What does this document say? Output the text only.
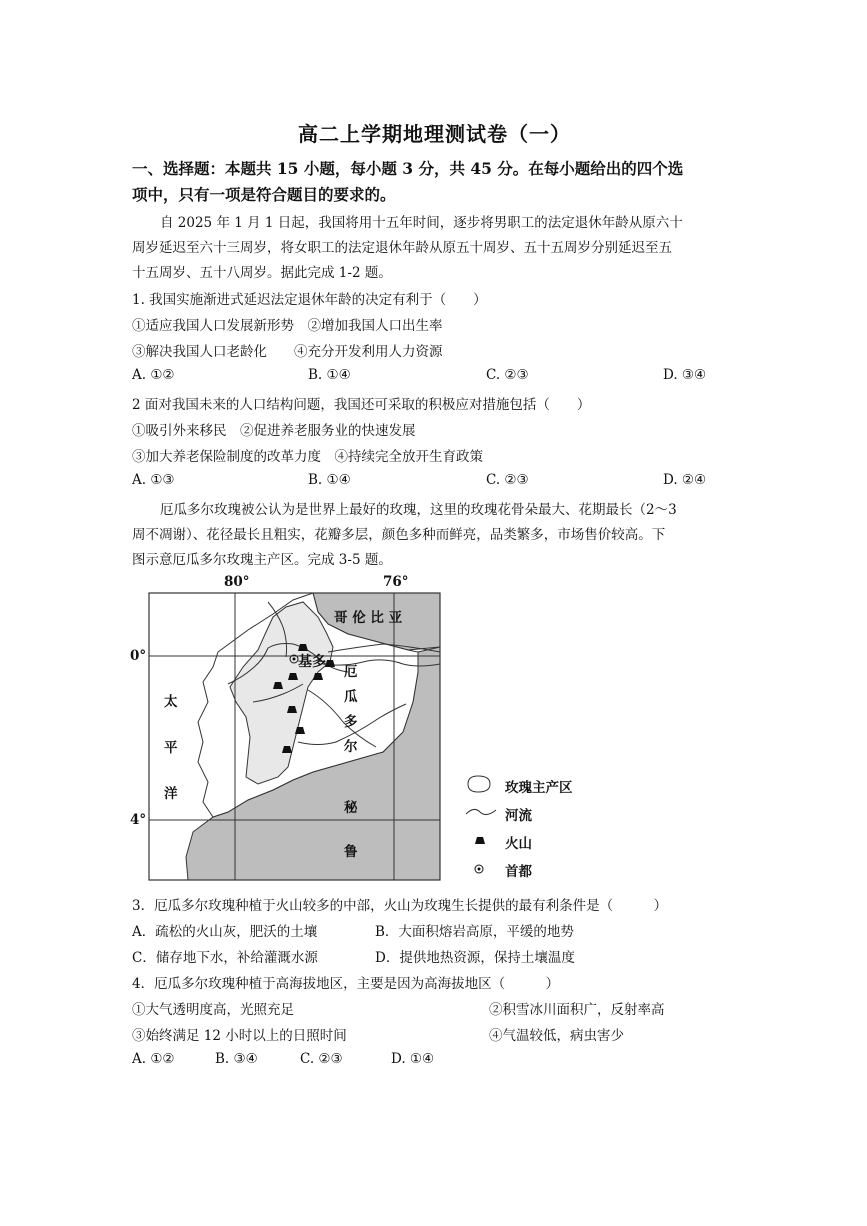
高二上学期地理测试卷（一）
一、选择题：本题共 15 小题，每小题 3 分，共 45 分。在每小题给出的四个选
项中，只有一项是符合题目的要求的。
自 2025 年 1 月 1 日起，我国将用十五年时间，逐步将男职工的法定退休年龄从原六十
周岁延迟至六十三周岁，将女职工的法定退休年龄从原五十周岁、五十五周岁分别延迟至五
十五周岁、五十八周岁。据此完成 1-2 题。
1. 我国实施渐进式延迟法定退休年龄的决定有利于（　　）
①适应我国人口发展新形势　②增加我国人口出生率
③解决我国人口老龄化　　④充分开发利用人力资源
A. ①②	B. ①④	C. ②③	D. ③④
2 面对我国未来的人口结构问题，我国还可采取的积极应对措施包括（　　）
①吸引外来移民　②促进养老服务业的快速发展
③加大养老保险制度的改革力度　④持续完全放开生育政策
A. ①③	B. ①④	C. ②③	D. ②④
厄瓜多尔玫瑰被公认为是世界上最好的玫瑰，这里的玫瑰花骨朵最大、花期最长（2～3
周不凋谢）、花径最长且粗实，花瓣多层，颜色多种而鲜亮，品类繁多，市场售价较高。下
图示意厄瓜多尔玫瑰主产区。完成 3-5 题。
80°	76°
0°
4°
哥 伦 比 亚
基多
厄
瓜
多
尔
太
平
洋
秘
鲁
玫瑰主产区
河流
火山
首都
3．厄瓜多尔玫瑰种植于火山较多的中部，火山为玫瑰生长提供的最有利条件是（　　　）
A．疏松的火山灰，肥沃的土壤	B．大面积熔岩高原，平缓的地势
C．储存地下水，补给灌溉水源	D．提供地热资源，保持土壤温度
4．厄瓜多尔玫瑰种植于高海拔地区，主要是因为高海拔地区（　　　）
①大气透明度高，光照充足	②积雪冰川面积广，反射率高
③始终满足 12 小时以上的日照时间	④气温较低，病虫害少
A. ①②	B. ③④	C. ②③	D. ①④
